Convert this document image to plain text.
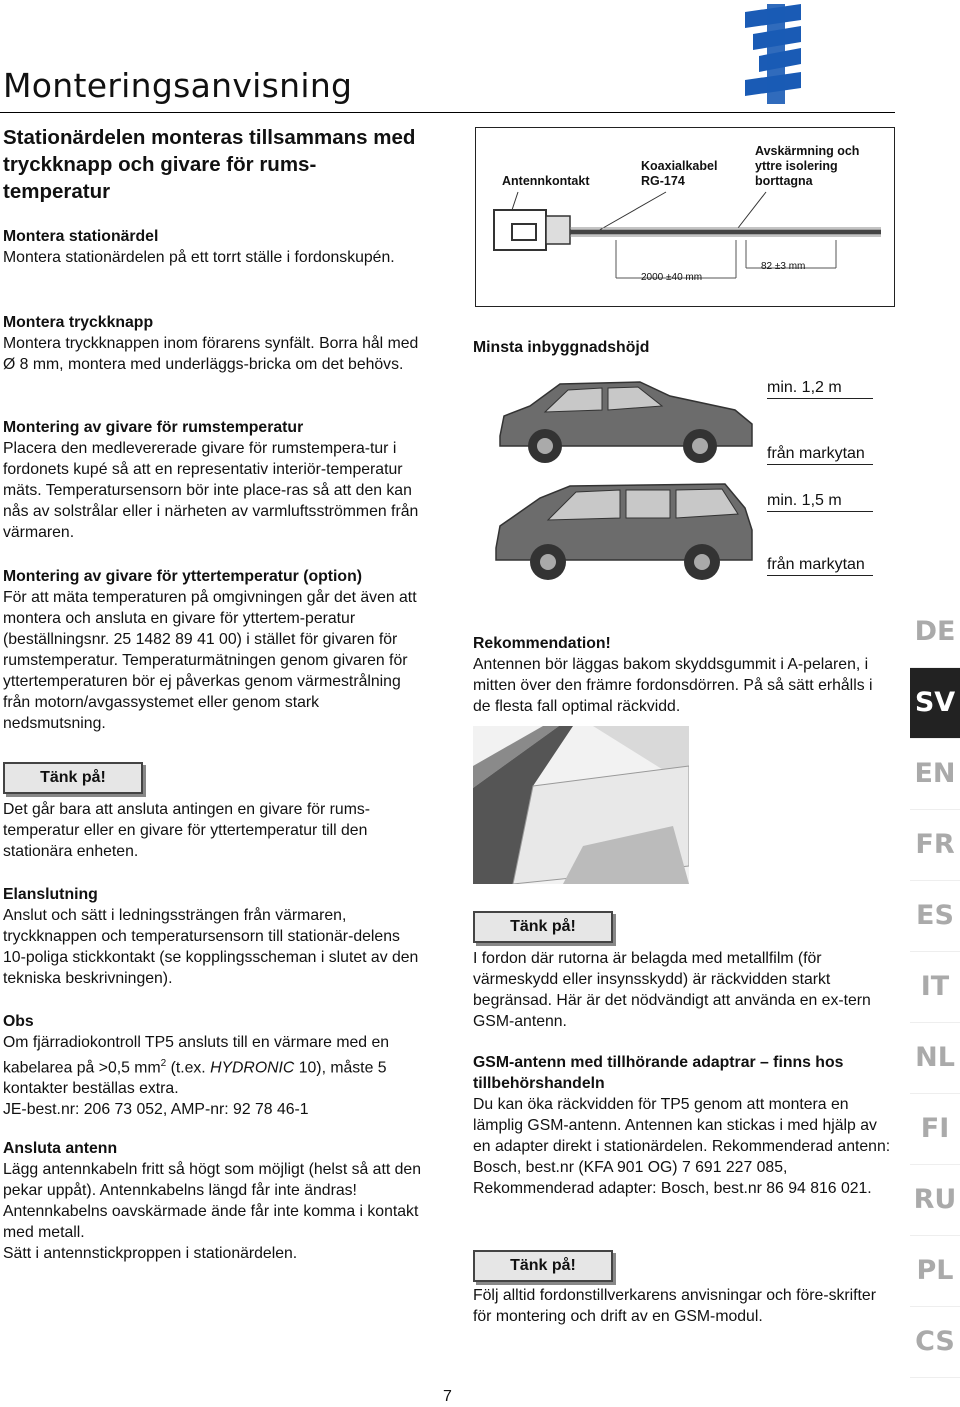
Monteringsanvisning

Stationärdelen monteras tillsammans med tryckknapp och givare för rums-temperatur

Montera stationärdel

Montera stationärdelen på ett torrt ställe i fordonskupén.

Montera tryckknapp

Montera tryckknappen inom förarens synfält. Borra hål med Ø 8 mm, montera med underläggs-bricka om det behövs.

Montering av givare för rumstemperatur

Placera den medlevererade givare för rumstempera-tur i fordonets kupé så att en representativ interiör-temperatur mäts. Temperatursensorn bör inte place-ras så att den kan nås av solstrålar eller i närheten av varmluftsströmmen från värmaren.

Montering av givare för yttertemperatur (option)

För att mäta temperaturen på omgivningen går det även att montera och ansluta en givare för yttertem-peratur (beställningsnr. 25 1482 89 41 00) i stället för givaren för rumstemperatur. Temperaturmätningen genom givaren för yttertemperaturen bör ej påverkas genom värmestrålning från motorn/avgassystemet eller genom stark nedsmutsning.

Tänk på!

Det går bara att ansluta antingen en givare för rums-temperatur eller en givare för yttertemperatur till den stationära enheten.

Elanslutning

Anslut och sätt i ledningssträngen från värmaren, tryckknappen och temperatursensorn till stationär-delens 10-poliga stickkontakt (se kopplingsscheman i slutet av den tekniska beskrivningen).

Obs

Om fjärradiokontroll TP5 ansluts till en värmare med en kabelarea på >0,5 $mm^2$ (t.ex. HYDRONIC 10), måste 5 kontakter beställas extra.

JE-best.nr: 206 73 052, AMP-nr: 92 78 46-1

Ansluta antenn

Lägg antennkabeln fritt så högt som möjligt (helst så att den pekar uppåt). Antennkabelns längd får inte ändras! Antennkabelns oavskärmade ände får inte komma i kontakt med metall.

Sätt i antennstickproppen i stationärdelen.

Antennkontakt
Koaxialkabel RG-174
Avskärmning och yttre isolering borttagna
2000 ±40 mm
82 ±3 mm
Minsta inbyggnadshöjd
min. 1,2 m
från markytan
min. 1,5 m
från markytan
Rekommendation!

Antennen bör läggas bakom skyddsgummit i A-pelaren, i mitten över den främre fordonsdörren. På så sätt erhålls i de flesta fall optimal räckvidd.

Tänk på!

I fordon där rutorna är belagda med metallfilm (för värmeskydd eller insynsskydd) är räckvidden starkt begränsad. Här är det nödvändigt att använda en ex-tern GSM-antenn.

GSM-antenn med tillhörande adaptrar – finns hos tillbehörshandeln

Du kan öka räckvidden för TP5 genom att montera en lämplig GSM-antenn. Antennen kan stickas i med hjälp av en adapter direkt i stationärdelen. Rekommenderad antenn: Bosch, best.nr (KFA 901 OG) 7 691 227 085, Rekommenderad adapter: Bosch, best.nr 86 94 816 021.

Tänk på!

Följ alltid fordonstillverkarens anvisningar och före-skrifter för montering och drift av en GSM-modul.

DE
SV
EN
FR
ES
IT
NL
FI
RU
PL
CS
7
